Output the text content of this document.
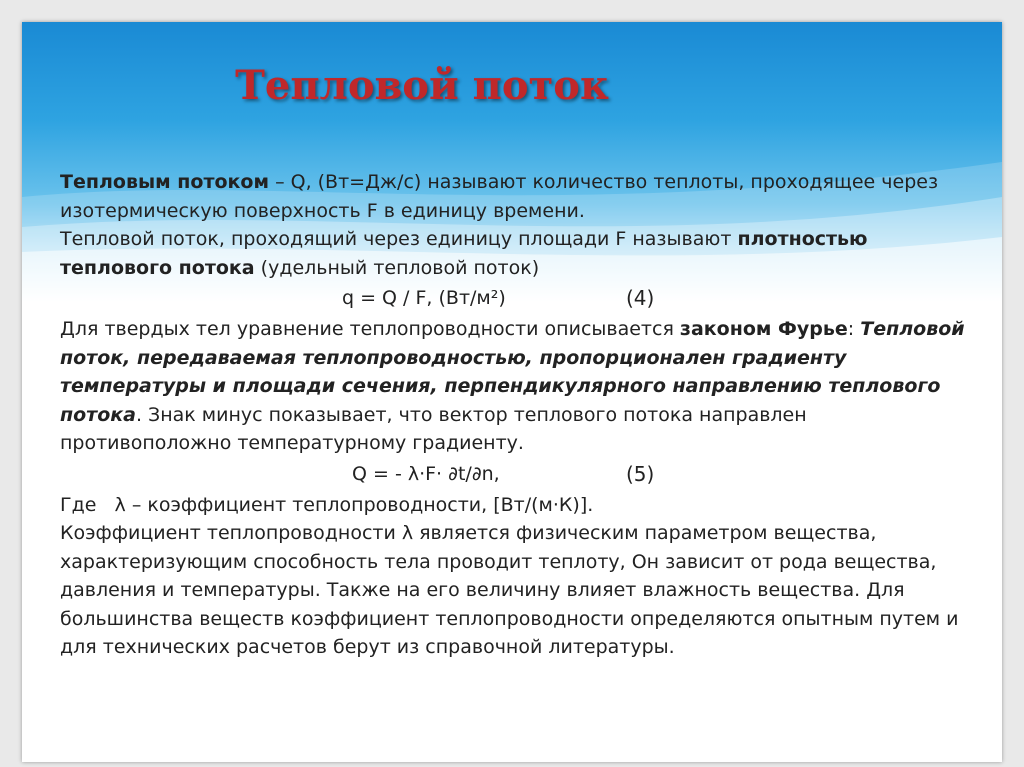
Тепловой поток

Тепловым потоком – Q, (Вт=Дж/с) называют количество теплоты, проходящее через изотермическую поверхность F в единицу времени.

Тепловой поток, проходящий через единицу площади F называют плотностью теплового потока (удельный тепловой поток)

q = Q / F, (Вт/м²)	(4)

Для твердых тел уравнение теплопроводности описывается законом Фурье: Тепловой поток, передаваемая теплопроводностью, пропорционален градиенту температуры и площади сечения, перпендикулярного направлению теплового потока. Знак минус показывает, что вектор теплового потока направлен противоположно температурному градиенту.

Q = - λ·F· ∂t/∂n,	(5)

Где   λ – коэффициент теплопроводности, [Вт/(м·К)].

Коэффициент теплопроводности λ является физическим параметром вещества, характеризующим способность тела проводит теплоту, Он зависит от рода вещества, давления и температуры. Также на его величину влияет влажность вещества. Для большинства веществ коэффициент теплопроводности определяются опытным путем и для технических расчетов берут из справочной литературы.
